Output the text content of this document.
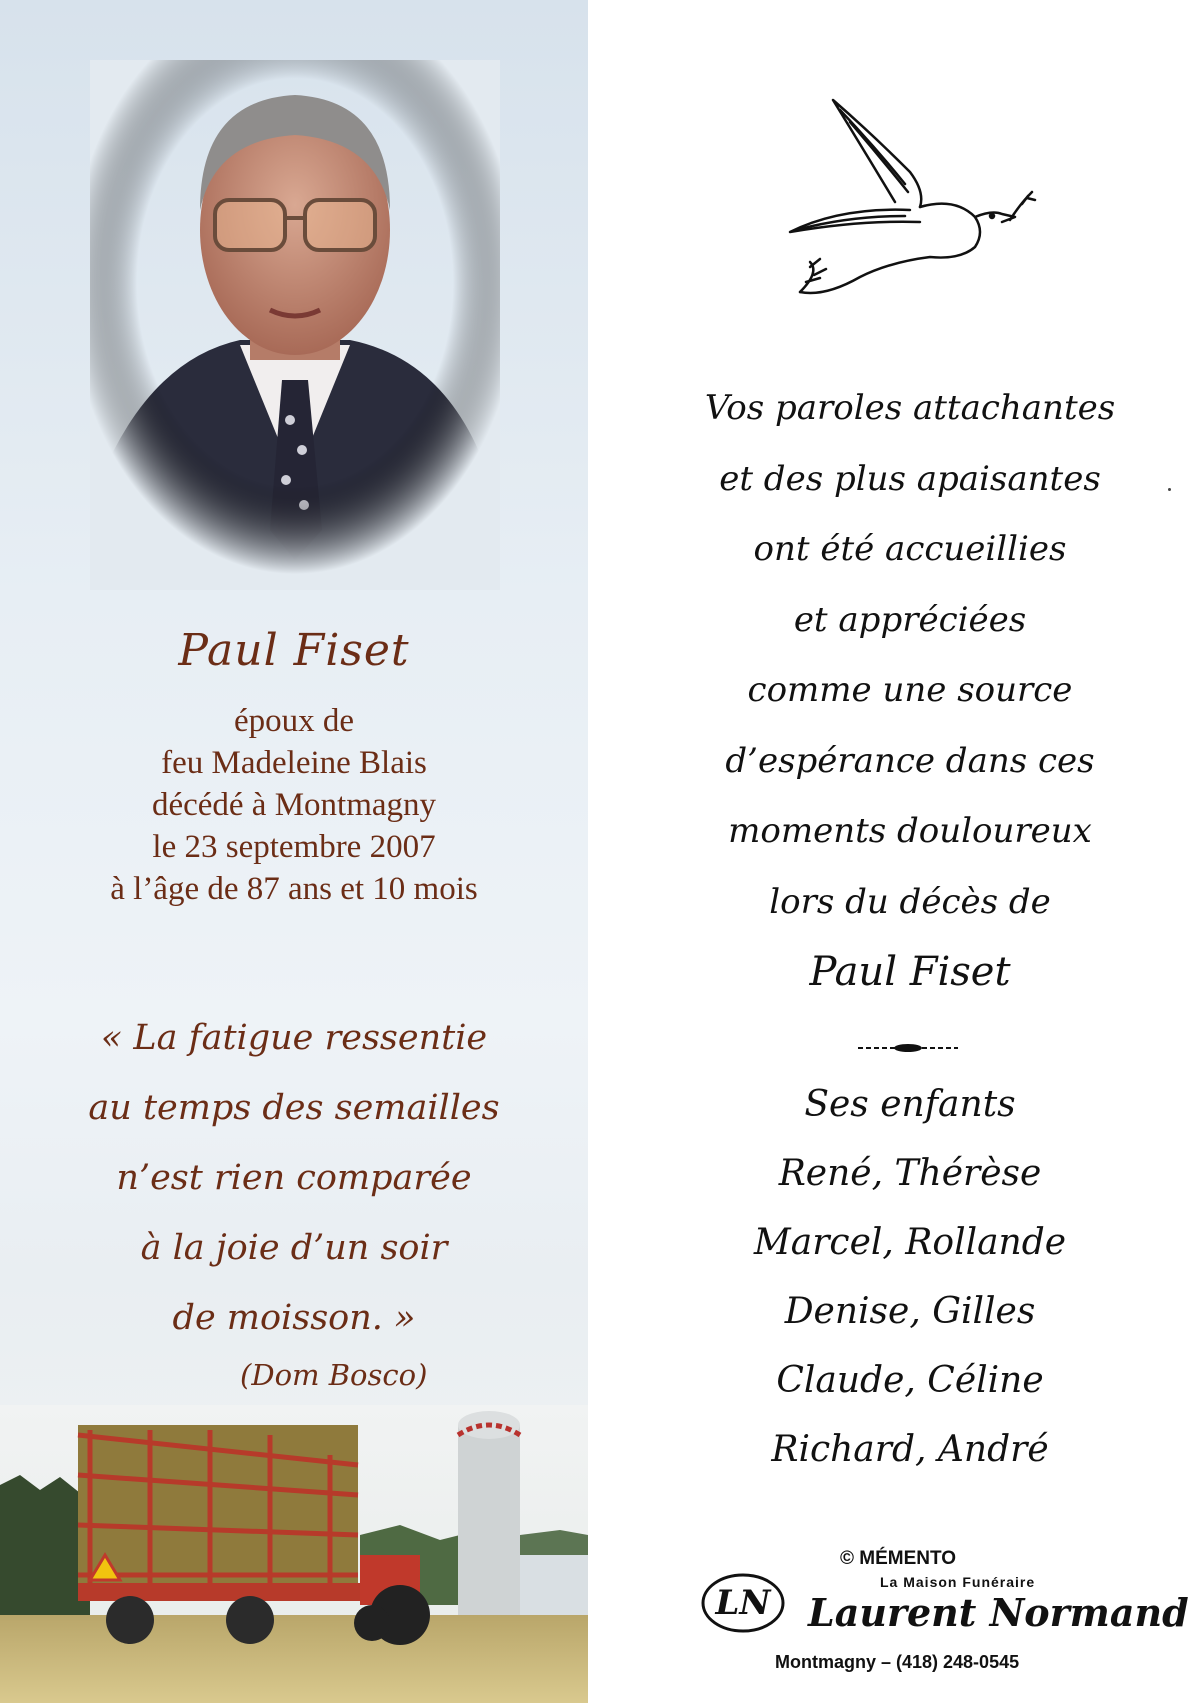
Paul Fiset
époux de
feu Madeleine Blais
décédé à Montmagny
le 23 septembre 2007
à l’âge de 87 ans et 10 mois
« La fatigue ressentie
au temps des semailles
n’est rien comparée
à la joie d’un soir
de moisson. »
(Dom Bosco)
Vos paroles attachantes
et des plus apaisantes
ont été accueillies
et appréciées
comme une source
d’espérance dans ces
moments douloureux
lors du décès de
Paul Fiset
Ses enfants
René, Thérèse
Marcel, Rollande
Denise, Gilles
Claude, Céline
Richard, André
© MÉMENTO
La Maison Funéraire
LN Laurent Normand
Montmagny – (418) 248-0545
